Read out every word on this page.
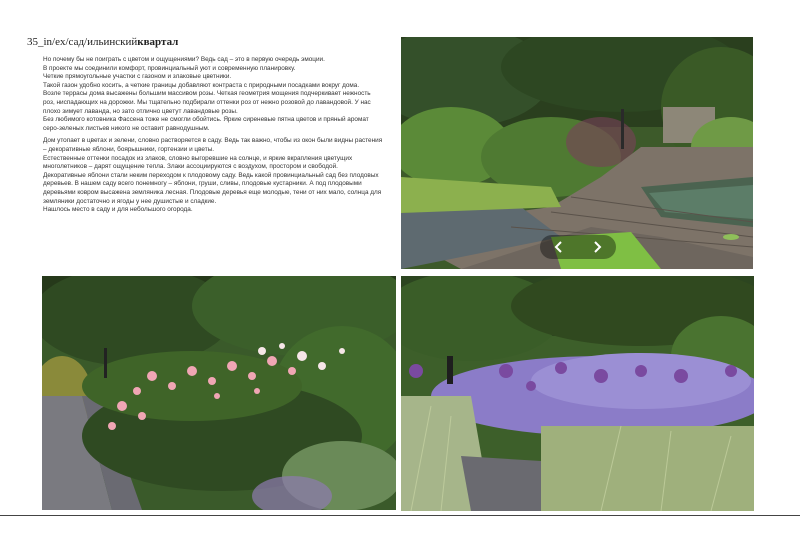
35_in/ex/сад/ильинскийквартал

Но почему бы не поиграть с цветом и ощущениями? Ведь сад – это в первую очередь эмоции.

В проекте мы соединили комфорт, провинциальный уют и современную планировку.

Четкие прямоугольные участки с газоном и злаковые цветники.

Такой газон удобно косить, а четкие границы добавляют контраста с природными посадками вокруг дома.

Возле террасы дома высажены большим массивом розы. Четкая геометрия мощения подчеркивает нежность роз, ниспадающих на дорожки. Мы тщательно подбирали оттенки роз от нежно розовой до лавандовой. У нас плохо зимует лаванда, но зато отлично цветут лавандовые розы.

Без любимого котовника Фассена тоже не смогли обойтись. Яркие сиреневые пятна цветов и пряный аромат серо-зеленых листьев никого не оставит равнодушным.

Дом утопает в цветах и зелени, словно растворяется в саду. Ведь так важно, чтобы из окон были видны растения – декоративные яблони, боярышники, гортензии и цветы.

Естественные оттенки посадок из злаков, словно выгоревшие на солнце, и яркие вкрапления цветущих многолетников – дарят ощущение тепла. Злаки ассоциируются с воздухом, простором и свободой.

Декоративные яблони стали неким переходом к плодовому саду. Ведь какой провинциальный сад без плодовых деревьев. В нашем саду всего понемногу – яблони, груши, сливы, плодовые кустарники. А под плодовыми деревьями ковром высажена земляника лесная. Плодовые деревья еще молодые, тени от них мало, солнца для земляники достаточно и ягоды у нее душистые и сладкие.

Нашлось место в саду и для небольшого огорода.
